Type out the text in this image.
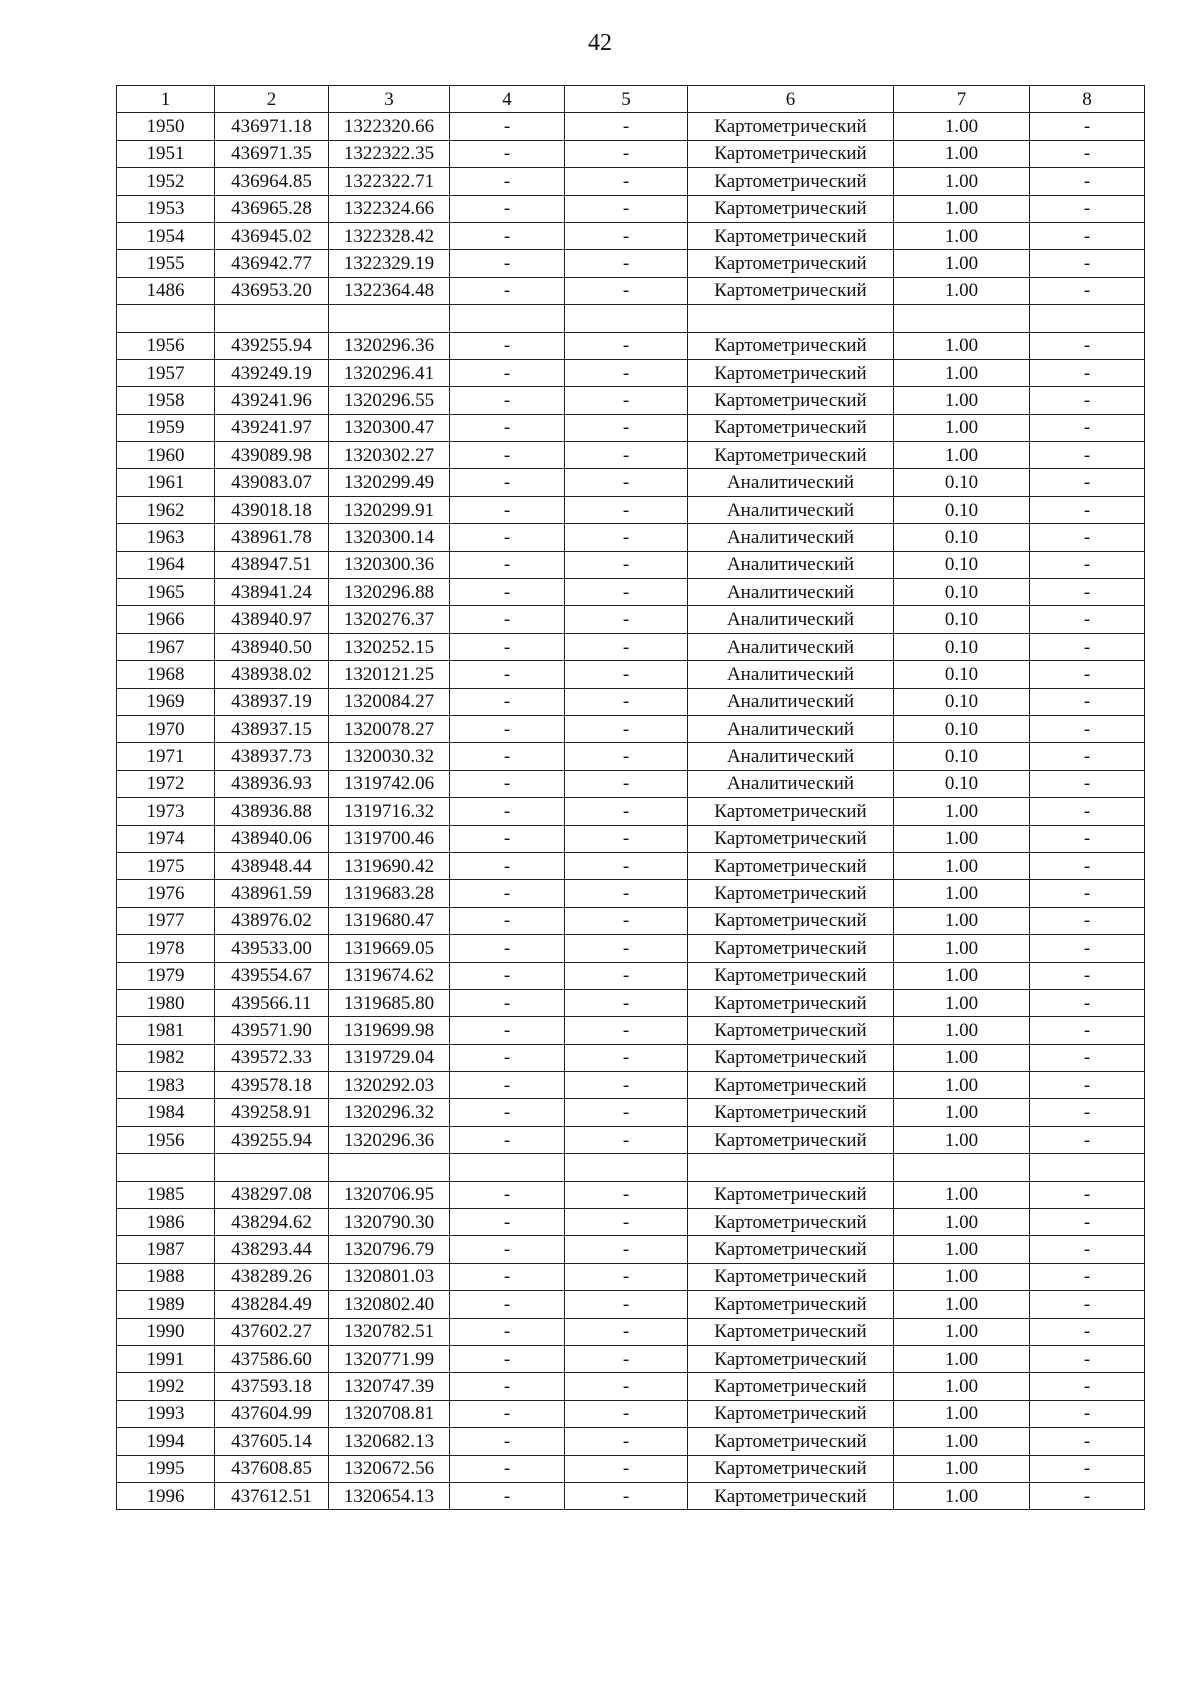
42
1	2	3	4	5	6	7	8
1950	436971.18	1322320.66	-	-	Картометрический	1.00	-
1951	436971.35	1322322.35	-	-	Картометрический	1.00	-
1952	436964.85	1322322.71	-	-	Картометрический	1.00	-
1953	436965.28	1322324.66	-	-	Картометрический	1.00	-
1954	436945.02	1322328.42	-	-	Картометрический	1.00	-
1955	436942.77	1322329.19	-	-	Картометрический	1.00	-
1486	436953.20	1322364.48	-	-	Картометрический	1.00	-

1956	439255.94	1320296.36	-	-	Картометрический	1.00	-
1957	439249.19	1320296.41	-	-	Картометрический	1.00	-
1958	439241.96	1320296.55	-	-	Картометрический	1.00	-
1959	439241.97	1320300.47	-	-	Картометрический	1.00	-
1960	439089.98	1320302.27	-	-	Картометрический	1.00	-
1961	439083.07	1320299.49	-	-	Аналитический	0.10	-
1962	439018.18	1320299.91	-	-	Аналитический	0.10	-
1963	438961.78	1320300.14	-	-	Аналитический	0.10	-
1964	438947.51	1320300.36	-	-	Аналитический	0.10	-
1965	438941.24	1320296.88	-	-	Аналитический	0.10	-
1966	438940.97	1320276.37	-	-	Аналитический	0.10	-
1967	438940.50	1320252.15	-	-	Аналитический	0.10	-
1968	438938.02	1320121.25	-	-	Аналитический	0.10	-
1969	438937.19	1320084.27	-	-	Аналитический	0.10	-
1970	438937.15	1320078.27	-	-	Аналитический	0.10	-
1971	438937.73	1320030.32	-	-	Аналитический	0.10	-
1972	438936.93	1319742.06	-	-	Аналитический	0.10	-
1973	438936.88	1319716.32	-	-	Картометрический	1.00	-
1974	438940.06	1319700.46	-	-	Картометрический	1.00	-
1975	438948.44	1319690.42	-	-	Картометрический	1.00	-
1976	438961.59	1319683.28	-	-	Картометрический	1.00	-
1977	438976.02	1319680.47	-	-	Картометрический	1.00	-
1978	439533.00	1319669.05	-	-	Картометрический	1.00	-
1979	439554.67	1319674.62	-	-	Картометрический	1.00	-
1980	439566.11	1319685.80	-	-	Картометрический	1.00	-
1981	439571.90	1319699.98	-	-	Картометрический	1.00	-
1982	439572.33	1319729.04	-	-	Картометрический	1.00	-
1983	439578.18	1320292.03	-	-	Картометрический	1.00	-
1984	439258.91	1320296.32	-	-	Картометрический	1.00	-
1956	439255.94	1320296.36	-	-	Картометрический	1.00	-

1985	438297.08	1320706.95	-	-	Картометрический	1.00	-
1986	438294.62	1320790.30	-	-	Картометрический	1.00	-
1987	438293.44	1320796.79	-	-	Картометрический	1.00	-
1988	438289.26	1320801.03	-	-	Картометрический	1.00	-
1989	438284.49	1320802.40	-	-	Картометрический	1.00	-
1990	437602.27	1320782.51	-	-	Картометрический	1.00	-
1991	437586.60	1320771.99	-	-	Картометрический	1.00	-
1992	437593.18	1320747.39	-	-	Картометрический	1.00	-
1993	437604.99	1320708.81	-	-	Картометрический	1.00	-
1994	437605.14	1320682.13	-	-	Картометрический	1.00	-
1995	437608.85	1320672.56	-	-	Картометрический	1.00	-
1996	437612.51	1320654.13	-	-	Картометрический	1.00	-
